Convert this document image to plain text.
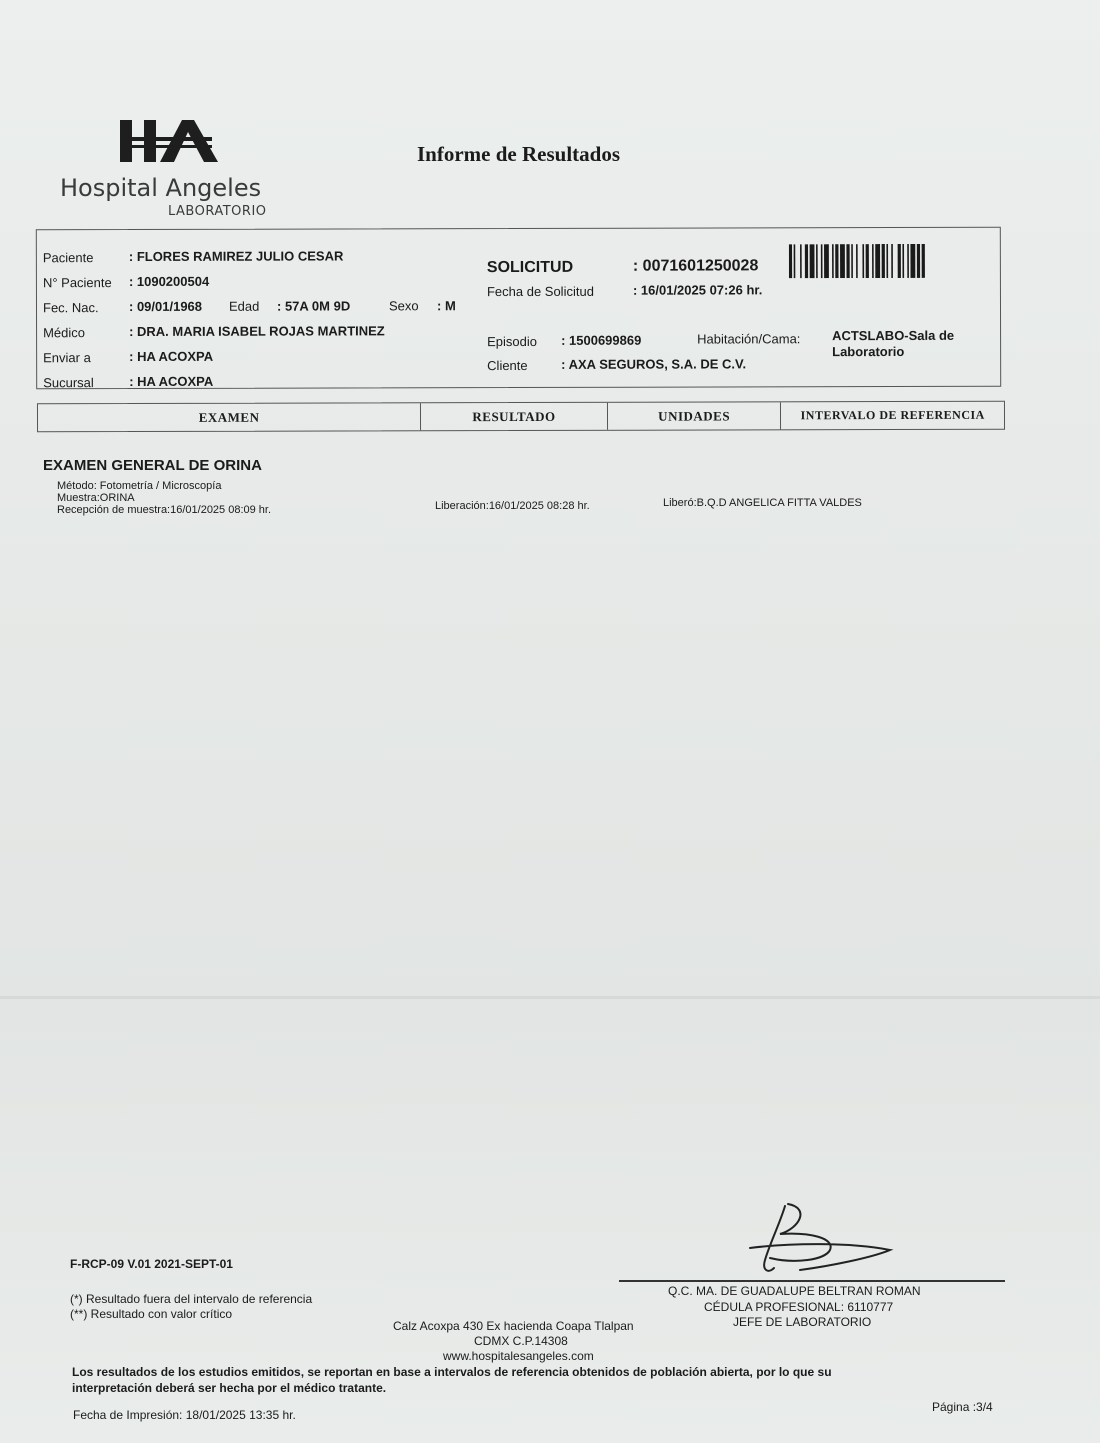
Hospital Angeles
LABORATORIO
Informe de Resultados
Paciente	: FLORES RAMIREZ JULIO CESAR
N° Paciente : 1090200504
Fec. Nac. : 09/01/1968 Edad : 57A 0M 9D	Sexo : M
Médico	: DRA. MARIA ISABEL ROJAS MARTINEZ
Enviar a	: HA ACOXPA
Sucursal	: HA ACOXPA
SOLICITUD	: 0071601250028
Fecha de Solicitud	: 16/01/2025 07:26 hr.
Episodio : 1500699869	Habitación/Cama: ACTSLABO-Sala de
Laboratorio
Cliente	: AXA SEGUROS, S.A. DE C.V.
EXAMEN	RESULTADO	UNIDADES	INTERVALO DE REFERENCIA
EXAMEN GENERAL DE ORINA
Método: Fotometría / Microscopía
Muestra:ORINA
Recepción de muestra:16/01/2025 08:09 hr.	Liberación:16/01/2025 08:28 hr.	Liberó:B.Q.D ANGELICA FITTA VALDES
F-RCP-09 V.01 2021-SEPT-01
(*) Resultado fuera del intervalo de referencia
(**) Resultado con valor crítico
Q.C. MA. DE GUADALUPE BELTRAN ROMAN
CÉDULA PROFESIONAL: 6110777
JEFE DE LABORATORIO
Calz Acoxpa 430 Ex hacienda Coapa Tlalpan
CDMX C.P.14308
www.hospitalesangeles.com
Los resultados de los estudios emitidos, se reportan en base a intervalos de referencia obtenidos de población abierta, por lo que su
interpretación deberá ser hecha por el médico tratante.
Fecha de Impresión: 18/01/2025 13:35 hr.
Página :3/4
